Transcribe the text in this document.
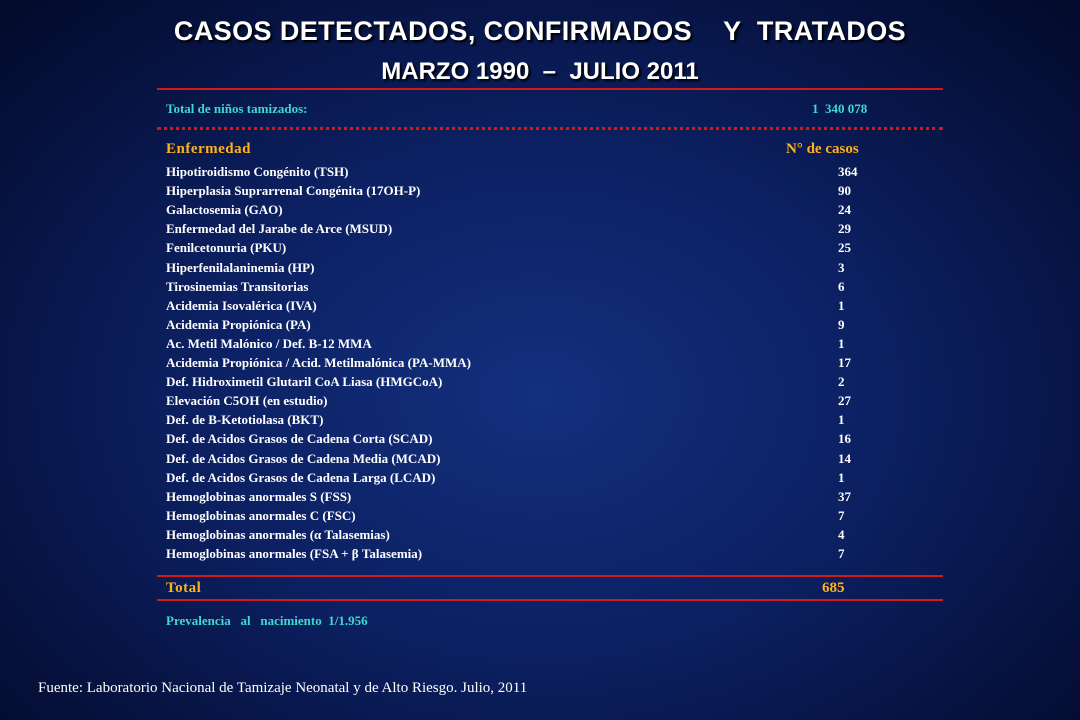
CASOS DETECTADOS, CONFIRMADOS    Y  TRATADOS
MARZO 1990  –  JULIO 2011
Total de niños tamizados:	1  340 078
Enfermedad	N° de casos
Hipotiroidismo Congénito (TSH)	364
Hiperplasia Suprarrenal Congénita (17OH-P)	90
Galactosemia (GAO)	24
Enfermedad del Jarabe de Arce (MSUD)	29
Fenilcetonuria (PKU)	25
Hiperfenilalaninemia (HP)	3
Tirosinemias Transitorias	6
Acidemia Isovalérica (IVA)	1
Acidemia Propiónica (PA)	9
Ac. Metil Malónico / Def. B-12 MMA	1
Acidemia Propiónica / Acid. Metilmalónica (PA-MMA)	17
Def. Hidroximetil Glutaril CoA Liasa (HMGCoA)	2
Elevación C5OH (en estudio)	27
Def. de B-Ketotiolasa (BKT)	1
Def. de Acidos Grasos de Cadena Corta (SCAD)	16
Def. de Acidos Grasos de Cadena Media (MCAD)	14
Def. de Acidos Grasos de Cadena Larga (LCAD)	1
Hemoglobinas anormales S (FSS)	37
Hemoglobinas anormales C (FSC)	7
Hemoglobinas anormales (α Talasemias)	4
Hemoglobinas anormales (FSA + β Talasemia)	7
Total	685
Prevalencia   al   nacimiento  1/1.956
Fuente: Laboratorio Nacional de Tamizaje Neonatal y de Alto Riesgo. Julio, 2011
